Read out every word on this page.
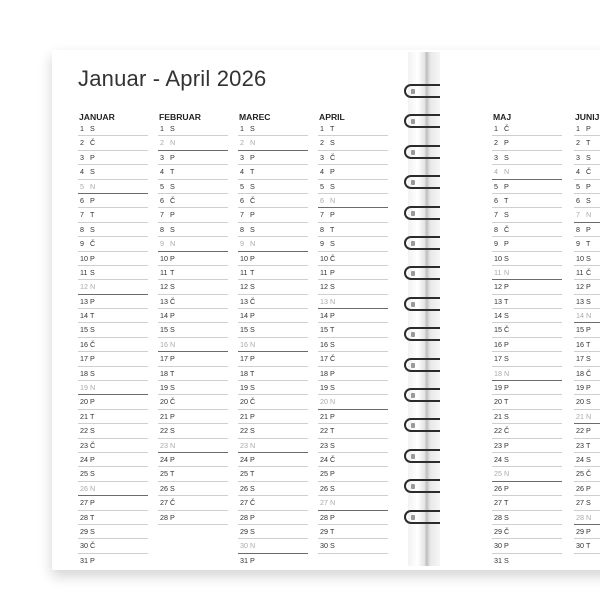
Januar - April 2026
JANUAR
1 S
2 Č
3 P
4 S
5 N
6 P
7 T
8 S
9 Č
10 P
11 S
12 N
13 P
14 T
15 S
16 Č
17 P
18 S
19 N
20 P
21 T
22 S
23 Č
24 P
25 S
26 N
27 P
28 T
29 S
30 Č
31 P
FEBRUAR
1 S
2 N
3 P
4 T
5 S
6 Č
7 P
8 S
9 N
10 P
11 T
12 S
13 Č
14 P
15 S
16 N
17 P
18 T
19 S
20 Č
21 P
22 S
23 N
24 P
25 T
26 S
27 Č
28 P
MAREC
1 S
2 N
3 P
4 T
5 S
6 Č
7 P
8 S
9 N
10 P
11 T
12 S
13 Č
14 P
15 S
16 N
17 P
18 T
19 S
20 Č
21 P
22 S
23 N
24 P
25 T
26 S
27 Č
28 P
29 S
30 N
31 P
APRIL
1 T
2 S
3 Č
4 P
5 S
6 N
7 P
8 T
9 S
10 Č
11 P
12 S
13 N
14 P
15 T
16 S
17 Č
18 P
19 S
20 N
21 P
22 T
23 S
24 Č
25 P
26 S
27 N
28 P
29 T
30 S
MAJ
1 Č
2 P
3 S
4 N
5 P
6 T
7 S
8 Č
9 P
10 S
11 N
12 P
13 T
14 S
15 Č
16 P
17 S
18 N
19 P
20 T
21 S
22 Č
23 P
24 S
25 N
26 P
27 T
28 S
29 Č
30 P
31 S
JUNIJ
1 P
2 T
3 S
4 Č
5 P
6 S
7 N
8 P
9 T
10 S
11 Č
12 P
13 S
14 N
15 P
16 T
17 S
18 Č
19 P
20 S
21 N
22 P
23 T
24 S
25 Č
26 P
27 S
28 N
29 P
30 T
